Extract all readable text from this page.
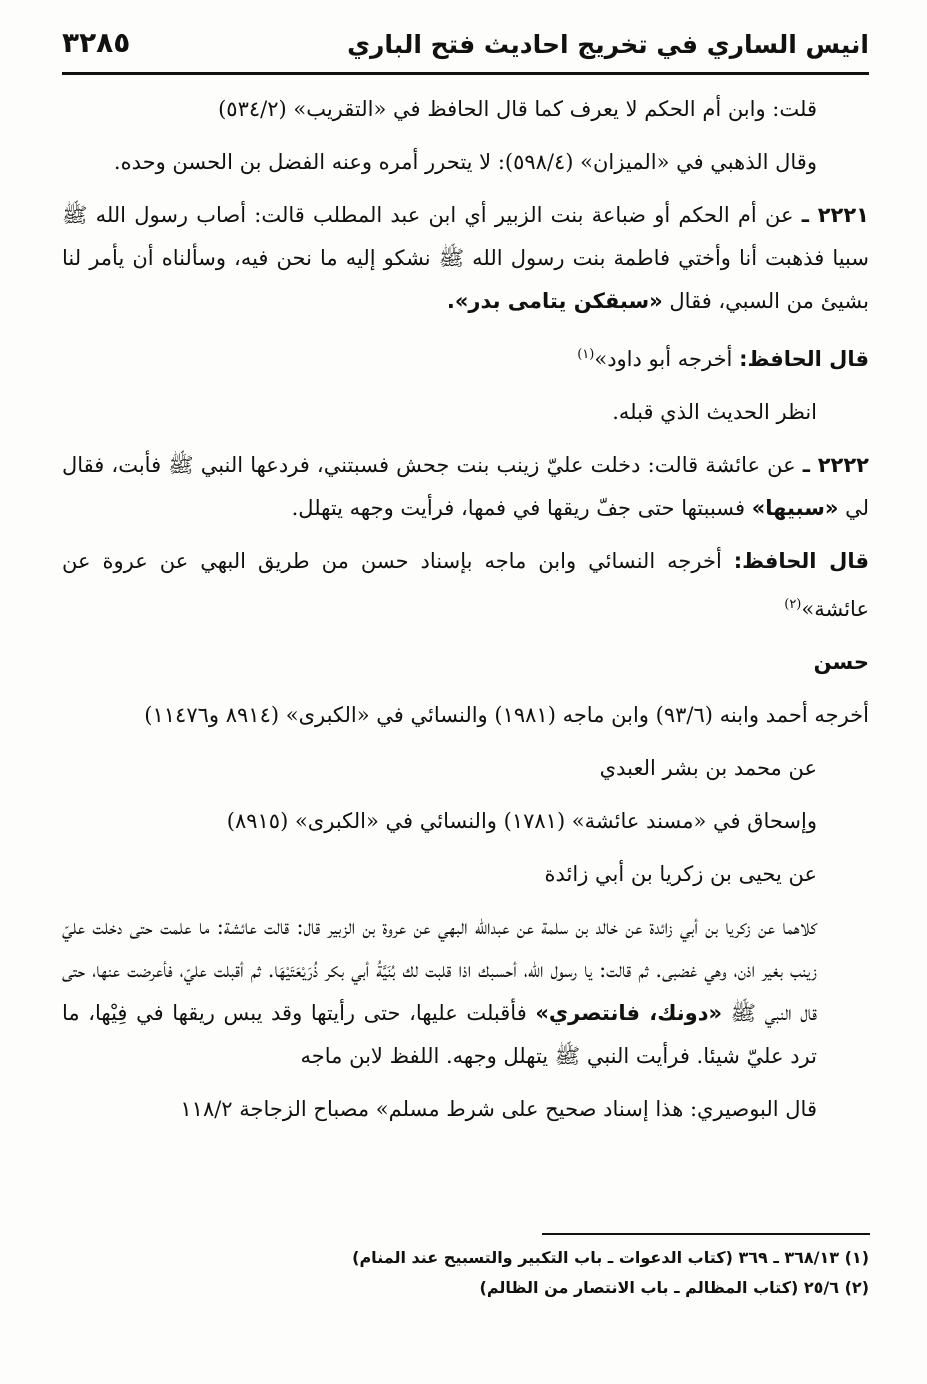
انيس الساري في تخريج احاديث فتح الباري
٣٢٨٥

قلت: وابن أم الحكم لا يعرف كما قال الحافظ في «التقريب» (٥٣٤/٢)

وقال الذهبي في «الميزان» (٥٩٨/٤): لا يتحرر أمره وعنه الفضل بن الحسن وحده.

٢٢٢١ ـ عن أم الحكم أو ضباعة بنت الزبير أي ابن عبد المطلب قالت: أصاب رسول الله ﷺ سبيا فذهبت أنا وأختي فاطمة بنت رسول الله ﷺ نشكو إليه ما نحن فيه، وسألناه أن يأمر لنا بشيئ من السبي، فقال «سبقكن يتامى بدر».

قال الحافظ: أخرجه أبو داود»$^{(١)}$

انظر الحديث الذي قبله.

٢٢٢٢ ـ عن عائشة قالت: دخلت عليّ زينب بنت جحش فسبتني، فردعها النبي ﷺ فأبت، فقال لي «سبيها» فسببتها حتى جفّ ريقها في فمها، فرأيت وجهه يتهلل.

قال الحافظ: أخرجه النسائي وابن ماجه بإسناد حسن من طريق البهي عن عروة عن عائشة»$^{(٢)}$

حسن

أخرجه أحمد وابنه (٩٣/٦) وابن ماجه (١٩٨١) والنسائي في «الكبرى» (٨٩١٤ و١١٤٧٦)

عن محمد بن بشر العبدي

وإسحاق في «مسند عائشة» (١٧٨١) والنسائي في «الكبرى» (٨٩١٥)

عن يحيى بن زكريا بن أبي زائدة

كلاهما عن زكريا بن أبي زائدة عن خالد بن سلمة عن عبدالله البهي عن عروة بن الزبير قال: قالت عائشة: ما علمت حتى دخلت عليّ زينب بغير اذن، وهي غضبى. ثم قالت: يا رسول الله، أحسبك اذا قلبت لك بُنَيَّةُ أبي بكر ذُرَيْعَتَيْهَا. ثم أقبلت عليّ، فأعرضت عنها، حتى قال النبي ﷺ «دونك، فانتصري» فأقبلت عليها، حتى رأيتها وقد يبس ريقها في فِيْها، ما ترد عليّ شيئا. فرأيت النبي ﷺ يتهلل وجهه. اللفظ لابن ماجه

قال البوصيري: هذا إسناد صحيح على شرط مسلم» مصباح الزجاجة ١١٨/٢

(١) ٣٦٨/١٣ ـ ٣٦٩ (كتاب الدعوات ـ باب التكبير والتسبيح عند المنام)
(٢) ٢٥/٦ (كتاب المظالم ـ باب الانتصار من الظالم)
